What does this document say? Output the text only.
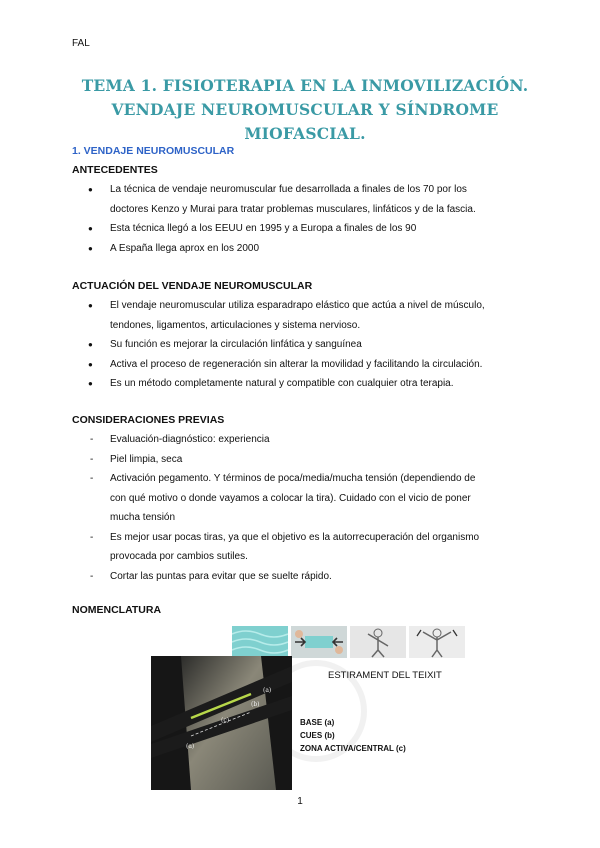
FAL
TEMA 1. FISIOTERAPIA EN LA INMOVILIZACIÓN.
VENDAJE NEUROMUSCULAR Y SÍNDROME
MIOFASCIAL.
1. VENDAJE NEUROMUSCULAR
ANTECEDENTES
● La técnica de vendaje neuromuscular fue desarrollada a finales de los 70 por los
doctores Kenzo y Murai para tratar problemas musculares, linfáticos y de la fascia.
● Esta técnica llegó a los EEUU en 1995 y a Europa a finales de los 90
● A España llega aprox en los 2000
ACTUACIÓN DEL VENDAJE NEUROMUSCULAR
● El vendaje neuromuscular utiliza esparadrapo elástico que actúa a nivel de músculo,
tendones, ligamentos, articulaciones y sistema nervioso.
● Su función es mejorar la circulación linfática y sanguínea
● Activa el proceso de regeneración sin alterar la movilidad y facilitando la circulación.
● Es un método completamente natural y compatible con cualquier otra terapia.
CONSIDERACIONES PREVIAS
- Evaluación-diagnóstico: experiencia
- Piel limpia, seca
- Activación pegamento. Y términos de poca/media/mucha tensión (dependiendo de
con qué motivo o donde vayamos a colocar la tira). Cuidado con el vicio de poner
mucha tensión
- Es mejor usar pocas tiras, ya que el objetivo es la autorrecuperación del organismo
provocada por cambios sutiles.
- Cortar las puntas para evitar que se suelte rápido.
NOMENCLATURA
(c)
(a)
(b)
(a)
ESTIRAMENT DEL TEIXIT
BASE (a)
CUES (b)
ZONA ACTIVA/CENTRAL (c)
1
